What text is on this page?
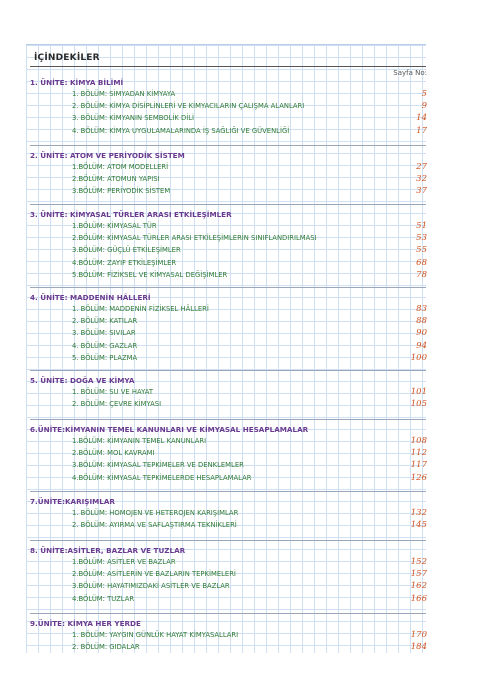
İÇİNDEKİLER
Sayfa No:
1. ÜNİTE: KİMYA BİLİMİ
1. BÖLÜM: SİMYADAN KİMYAYA	5
2. BÖLÜM: KİMYA DİSİPLİNLERİ VE KİMYACILARIN ÇALIŞMA ALANLARI	9
3. BÖLÜM: KİMYANIN SEMBOLİK DİLİ	14
4. BÖLÜM: KİMYA UYGULAMALARINDA İŞ SAĞLIĞI VE GÜVENLİĞİ	17
2. ÜNİTE: ATOM VE PERİYODİK SİSTEM
1.BÖLÜM: ATOM MODELLERİ	27
2.BÖLÜM: ATOMUN YAPISI	32
3.BÖLÜM: PERİYODİK SİSTEM	37
3. ÜNİTE: KİMYASAL TÜRLER ARASI ETKİLEŞİMLER
1.BÖLÜM: KİMYASAL TÜR	51
2.BÖLÜM: KİMYASAL TÜRLER ARASI ETKİLEŞİMLERİN SINIFLANDIRILMASI	53
3.BÖLÜM: GÜÇLÜ ETKİLEŞİMLER	55
4.BÖLÜM: ZAYIF ETKİLEŞİMLER	68
5.BÖLÜM: FİZİKSEL VE KİMYASAL DEĞİŞİMLER	78
4. ÜNİTE: MADDENİN HÂLLERİ
1. BÖLÜM: MADDENİN FİZİKSEL HÂLLERİ	83
2. BÖLÜM: KATILAR	88
3. BÖLÜM: SIVILAR	90
4. BÖLÜM: GAZLAR	94
5. BÖLÜM: PLAZMA	100
5. ÜNİTE: DOĞA VE KİMYA
1. BÖLÜM: SU VE HAYAT	101
2. BÖLÜM: ÇEVRE KİMYASI	105
6.ÜNİTE:KİMYANIN TEMEL KANUNLARI VE KİMYASAL HESAPLAMALAR
1.BÖLÜM: KİMYANIN TEMEL KANUNLARI	108
2.BÖLÜM: MOL KAVRAMI	112
3.BÖLÜM: KİMYASAL TEPKİMELER VE DENKLEMLER	117
4.BÖLÜM: KİMYASAL TEPKİMELERDE HESAPLAMALAR	126
7.ÜNİTE:KARIŞIMLAR
1. BÖLÜM: HOMOJEN VE HETEROJEN KARIŞIMLAR	132
2. BÖLÜM: AYIRMA VE SAFLAŞTIRMA TEKNİKLERİ	145
8. ÜNİTE:ASİTLER, BAZLAR VE TUZLAR
1.BÖLÜM: ASİTLER VE BAZLAR	152
2.BÖLÜM: ASİTLERİN VE BAZLARIN TEPKİMELERİ	157
3.BÖLÜM: HAYATIMIZDAKİ ASİTLER VE BAZLAR	162
4.BÖLÜM: TUZLAR	166
9.ÜNİTE: KİMYA HER YERDE
1. BÖLÜM: YAYGIN GÜNLÜK HAYAT KİMYASALLARI	170
2. BÖLÜM: GIDALAR	184
